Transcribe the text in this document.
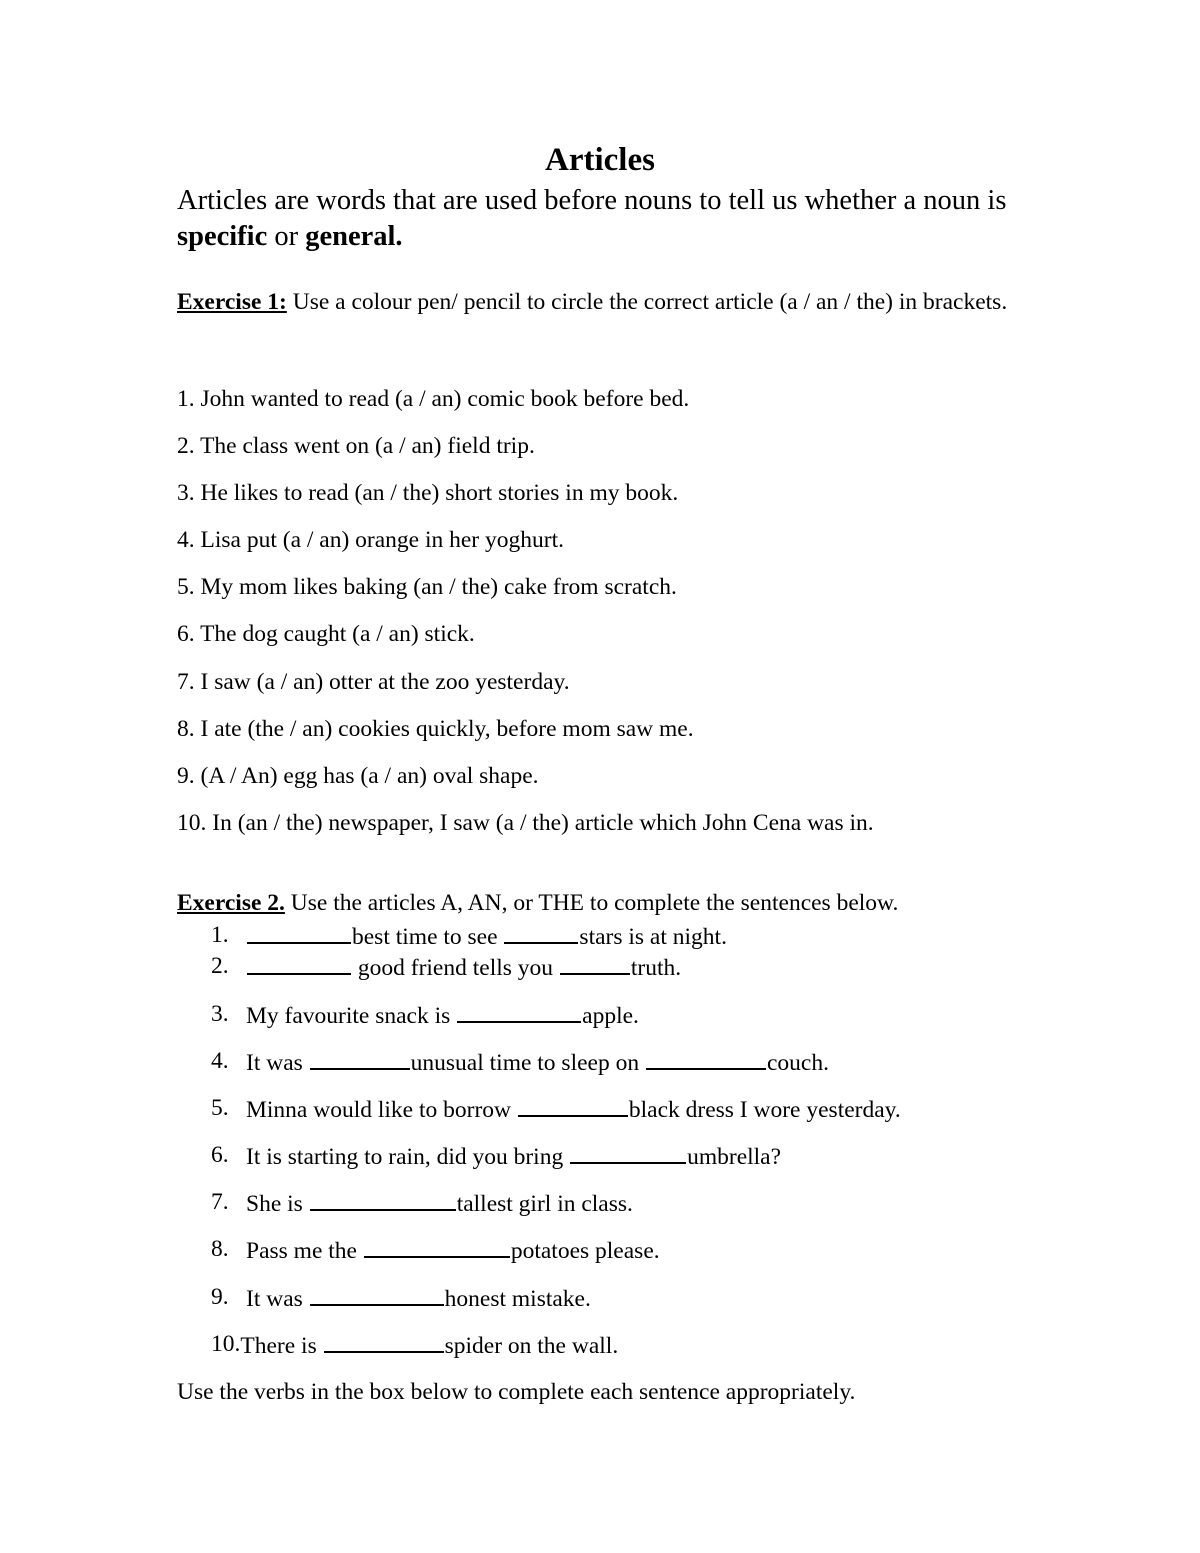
Articles
Articles are words that are used before nouns to tell us whether a noun is specific or general.
Exercise 1: Use a colour pen/ pencil to circle the correct article (a / an / the) in brackets.
1. John wanted to read (a / an) comic book before bed.
2. The class went on (a / an) field trip.
3. He likes to read (an / the) short stories in my book.
4. Lisa put (a / an) orange in her yoghurt.
5. My mom likes baking (an / the) cake from scratch.
6. The dog caught (a / an) stick.
7. I saw (a / an) otter at the zoo yesterday.
8. I ate (the / an) cookies quickly, before mom saw me.
9. (A / An) egg has (a / an) oval shape.
10. In (an / the) newspaper, I saw (a / the) article which John Cena was in.
Exercise 2. Use the articles A, AN, or THE to complete the sentences below.
1.	best time to see	stars is at night.
2.	good friend tells you	truth.
3. My favourite snack is	apple.
4. It was	unusual time to sleep on	couch.
5. Minna would like to borrow	black dress I wore yesterday.
6. It is starting to rain, did you bring	umbrella?
7. She is	tallest girl in class.
8. Pass me the	potatoes please.
9. It was	honest mistake.
10. There is	spider on the wall.
Use the verbs in the box below to complete each sentence appropriately.
